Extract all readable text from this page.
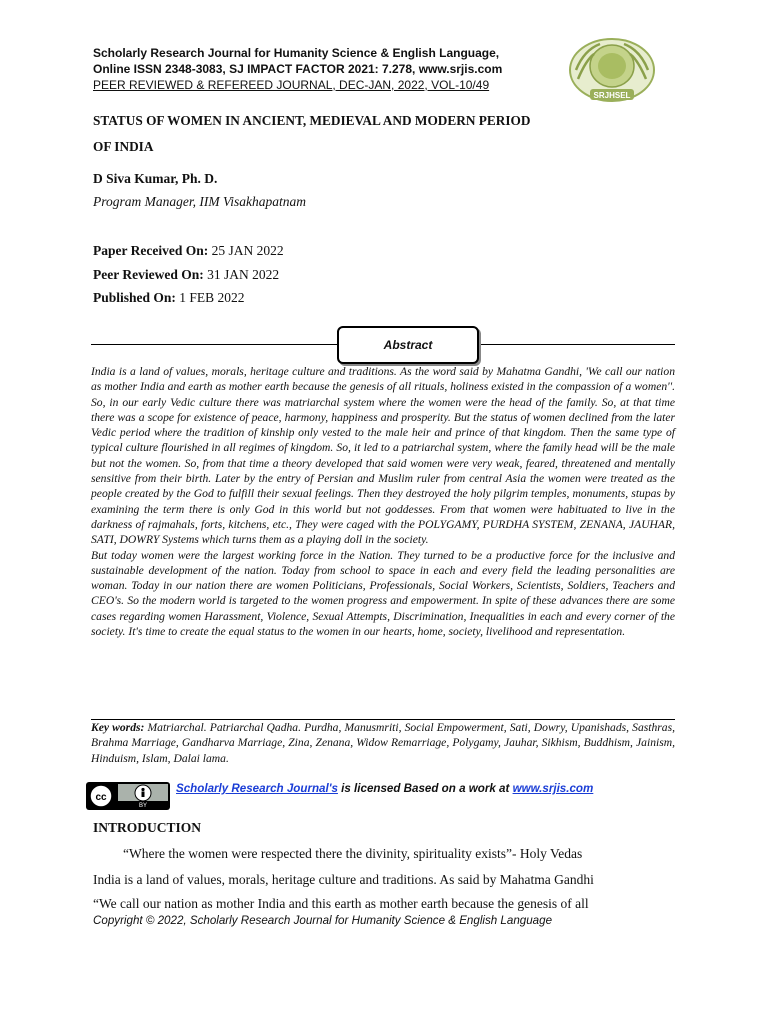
Scholarly Research Journal for Humanity Science & English Language,
Online ISSN 2348-3083, SJ IMPACT FACTOR 2021: 7.278, www.srjis.com
PEER REVIEWED & REFEREED JOURNAL, DEC-JAN, 2022, VOL-10/49
SRJHSEL
STATUS OF WOMEN IN ANCIENT, MEDIEVAL AND MODERN PERIOD
OF INDIA
D Siva Kumar, Ph. D.
Program Manager, IIM Visakhapatnam
Paper Received On: 25 JAN 2022
Peer Reviewed On: 31 JAN 2022
Published On: 1 FEB 2022
Abstract

India is a land of values, morals, heritage culture and traditions. As the word said by Mahatma Gandhi, 'We call our nation as mother India and earth as mother earth because the genesis of all rituals, holiness existed in the compassion of a women''. So, in our early Vedic culture there was matriarchal system where the women were the head of the family. So, at that time there was a scope for existence of peace, harmony, happiness and prosperity. But the status of women declined from the later Vedic period where the tradition of kinship only vested to the male heir and prince of that kingdom. Then the same type of typical culture flourished in all regimes of kingdom. So, it led to a patriarchal system, where the family head will be the male but not the women. So, from that time a theory developed that said women were very weak, feared, threatened and mentally sensitive from their birth. Later by the entry of Persian and Muslim ruler from central Asia the women were treated as the people created by the God to fulfill their sexual feelings. Then they destroyed the holy pilgrim temples, monuments, stupas by examining the term there is only God in this world but not goddesses. From that women were habituated to live in the darkness of rajmahals, forts, kitchens, etc., They were caged with the POLYGAMY, PURDHA SYSTEM, ZENANA, JAUHAR, SATI, DOWRY Systems which turns them as a playing doll in the society.

But today women were the largest working force in the Nation. They turned to be a productive force for the inclusive and sustainable development of the nation. Today from school to space in each and every field the leading personalities are woman. Today in our nation there are women Politicians, Professionals, Social Workers, Scientists, Soldiers, Teachers and CEO's. So the modern world is targeted to the women progress and empowerment. In spite of these advances there are some cases regarding women Harassment, Violence, Sexual Attempts, Discrimination, Inequalities in each and every corner of the society. It's time to create the equal status to the women in our hearts, home, society, livelihood and representation.

Key words: Matriarchal. Patriarchal Qadha. Purdha, Manusmriti, Social Empowerment, Sati, Dowry, Upanishads, Sasthras, Brahma Marriage, Gandharva Marriage, Zina, Zenana, Widow Remarriage, Polygamy, Jauhar, Sikhism, Buddhism, Jainism, Hinduism, Islam, Dalai lama.
cc
BY
Scholarly Research Journal's is licensed Based on a work at www.srjis.com
INTRODUCTION
“Where the women were respected there the divinity, spirituality exists”- Holy Vedas
India is a land of values, morals, heritage culture and traditions. As said by Mahatma Gandhi
“We call our nation as mother India and this earth as mother earth because the genesis of all
Copyright © 2022, Scholarly Research Journal for Humanity Science & English Language
